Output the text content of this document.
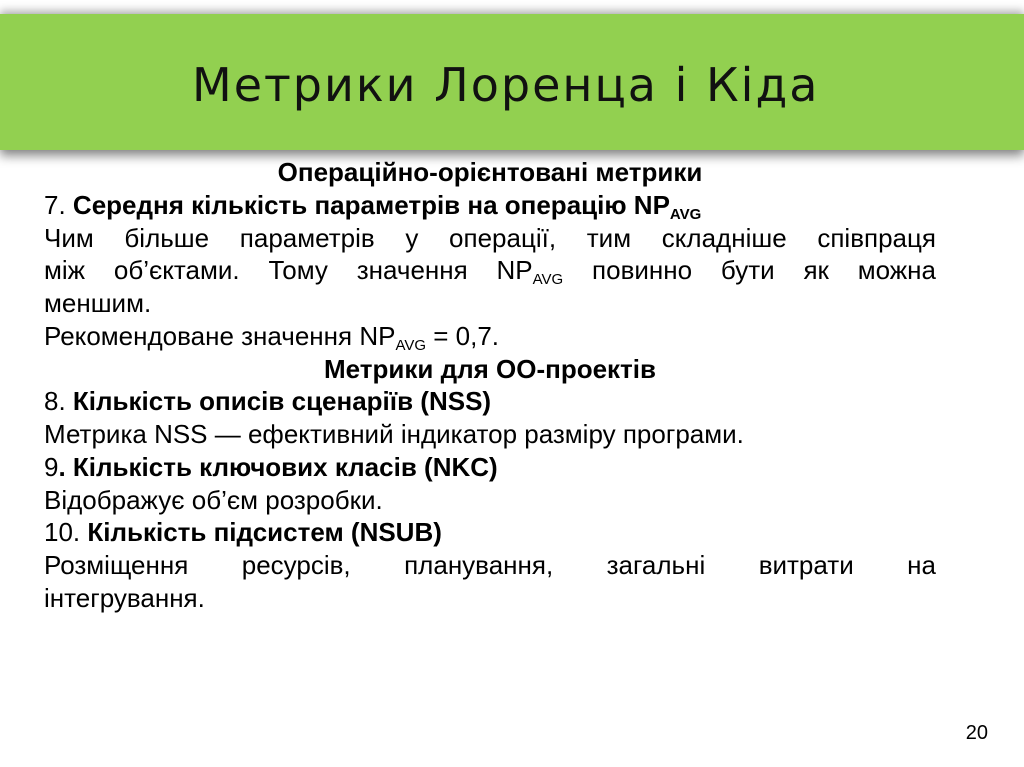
Метрики Лоренца і Кіда

Операційно-орієнтовані метрики

7. Середня кількість параметрів на операцію $NP_{AVG}$

Чим більше параметрів у операції, тим складніше співпраця

між об’єктами. Тому значення $NP_{AVG}$ повинно бути як можна

меншим.

Рекомендоване значення $NP_{AVG} = 0,7$.

Метрики для ОО-проектів

8. Кількість описів сценаріїв (NSS)

Метрика NSS — ефективний індикатор разміру програми.

9. Кількість ключових класів (NKC)

Відображує об’єм розробки.

10. Кількість підсистем (NSUB)

Розміщення ресурсів, планування, загальні витрати на

інтегрування.

20
